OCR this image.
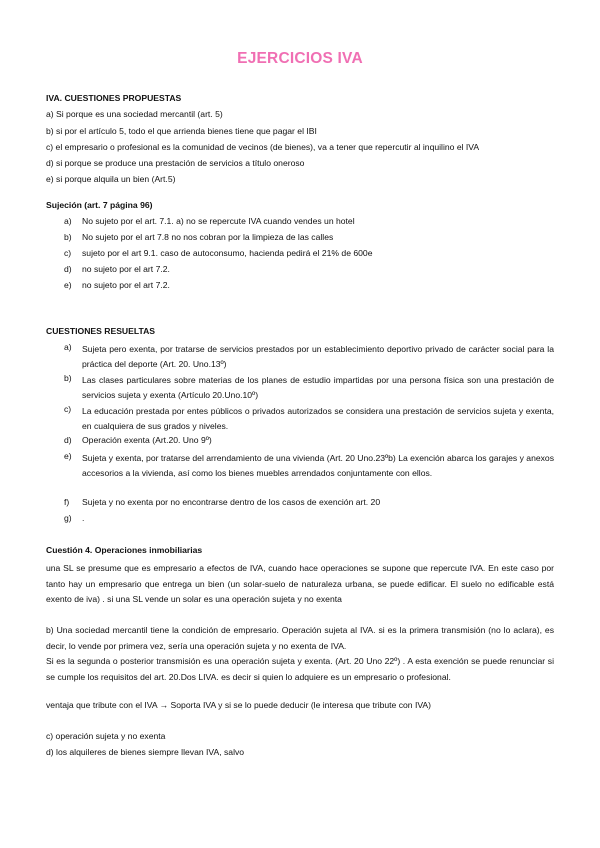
EJERCICIOS IVA
IVA. CUESTIONES PROPUESTAS
a) Si porque es una sociedad mercantil (art. 5)
b) si por el artículo 5, todo el que arrienda bienes tiene que pagar el IBI
c) el empresario o profesional es la comunidad de vecinos (de bienes), va a tener que repercutir al inquilino el IVA
d) si porque se produce una prestación de servicios a título oneroso
e) si porque alquila un bien (Art.5)
Sujeción (art. 7 página 96)
a) No sujeto por el art. 7.1. a) no se repercute IVA cuando vendes un hotel
b) No sujeto por el art 7.8 no nos cobran por la limpieza de las calles
c) sujeto por el art 9.1. caso de autoconsumo, hacienda pedirá el 21% de 600e
d) no sujeto por el art 7.2.
e) no sujeto por el art 7.2.
CUESTIONES RESUELTAS
a) Sujeta pero exenta, por tratarse de servicios prestados por un establecimiento deportivo privado de carácter social para la práctica del deporte (Art. 20. Uno.13º)
b) Las clases particulares sobre materias de los planes de estudio impartidas por una persona física son una prestación de servicios sujeta y exenta (Artículo 20.Uno.10º)
c) La educación prestada por entes públicos o privados autorizados se considera una prestación de servicios sujeta y exenta, en cualquiera de sus grados y niveles.
d) Operación exenta (Art.20. Uno 9º)
e) Sujeta y exenta, por tratarse del arrendamiento de una vivienda (Art. 20 Uno.23ºb) La exención abarca los garajes y anexos accesorios a la vivienda, así como los bienes muebles arrendados conjuntamente con ellos.
f) Sujeta y no exenta por no encontrarse dentro de los casos de exención art. 20
g) .
Cuestión 4. Operaciones inmobiliarias
una SL se presume que es empresario a efectos de IVA, cuando hace operaciones se supone que repercute IVA. En este caso por tanto hay un empresario que entrega un bien (un solar-suelo de naturaleza urbana, se puede edificar. El suelo no edificable está exento de iva) . si una SL vende un solar es una operación sujeta y no exenta
b) Una sociedad mercantil tiene la condición de empresario. Operación sujeta al IVA. si es la primera transmisión (no lo aclara), es decir, lo vende por primera vez, sería una operación sujeta y no exenta de IVA.
Si es la segunda o posterior transmisión es una operación sujeta y exenta. (Art. 20 Uno 22º) . A esta exención se puede renunciar si se cumple los requisitos del art. 20.Dos LIVA. es decir si quien lo adquiere es un empresario o profesional.
ventaja que tribute con el IVA → Soporta IVA y si se lo puede deducir (le interesa que tribute con IVA)
c) operación sujeta y no exenta
d) los alquileres de bienes siempre llevan IVA, salvo
